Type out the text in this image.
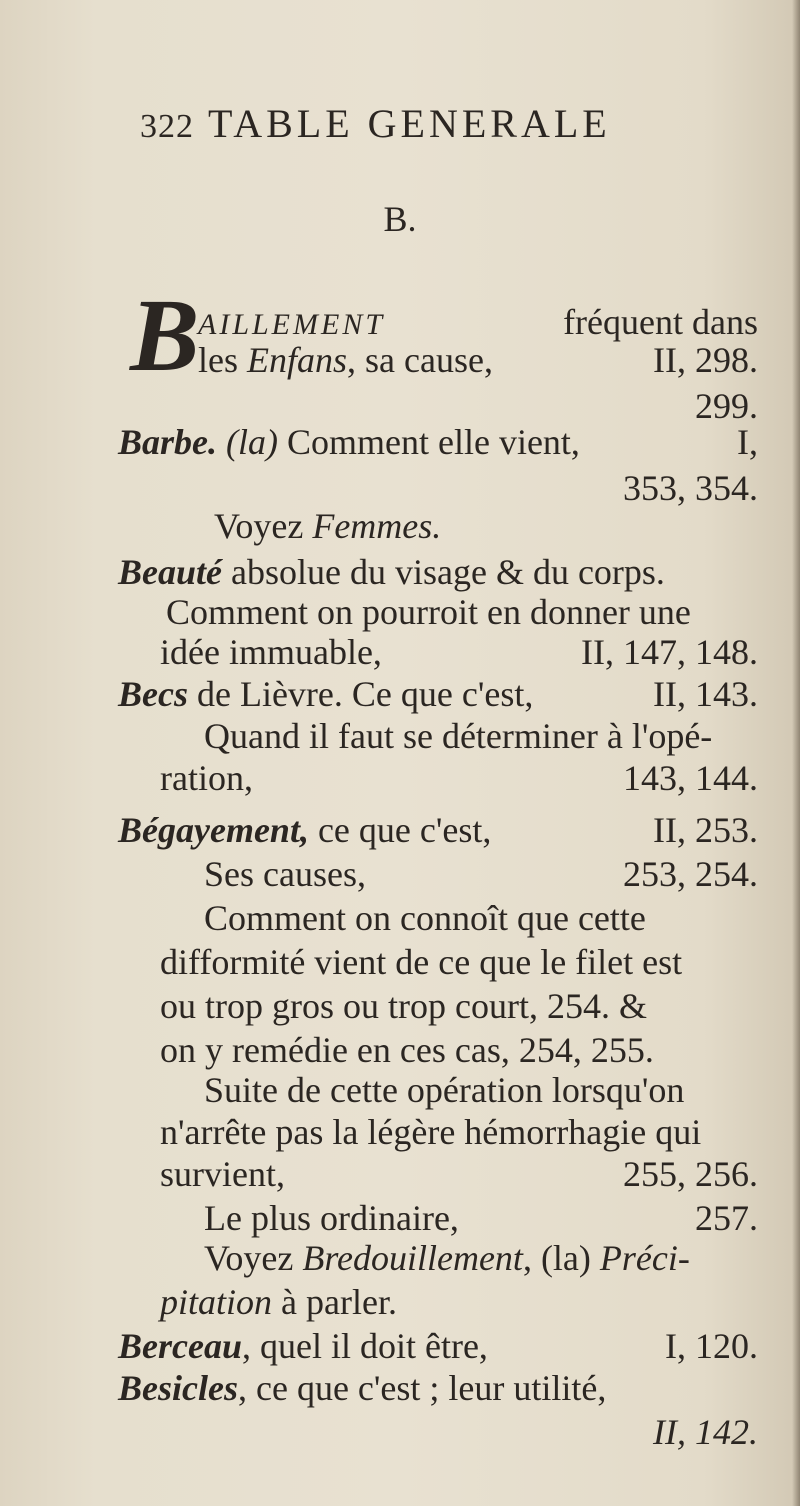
322 TABLE GENERALE
B.
B
AILLEMENT	fréquent dans
les Enfans, sa cause,	II, 298.
299.
Barbe. (la) Comment elle vient,	I,
353, 354.
Voyez Femmes.
Beauté absolue du visage & du corps.
Comment on pourroit en donner une
idée immuable,	II, 147, 148.
Becs de Lièvre. Ce que c'est,	II, 143.
Quand il faut se déterminer à l'opé-
ration,	143, 144.
Bégayement, ce que c'est,	II, 253.
Ses causes,	253, 254.
Comment on connoît que cette
difformité vient de ce que le filet est
ou trop gros ou trop court, 254. &
on y remédie en ces cas, 254, 255.
Suite de cette opération lorsqu'on
n'arrête pas la légère hémorrhagie qui
survient,	255, 256.
Le plus ordinaire,	257.
Voyez Bredouillement, (la) Préci-
pitation à parler.
Berceau, quel il doit être,	I, 120.
Besicles, ce que c'est ; leur utilité,
II, 142.
